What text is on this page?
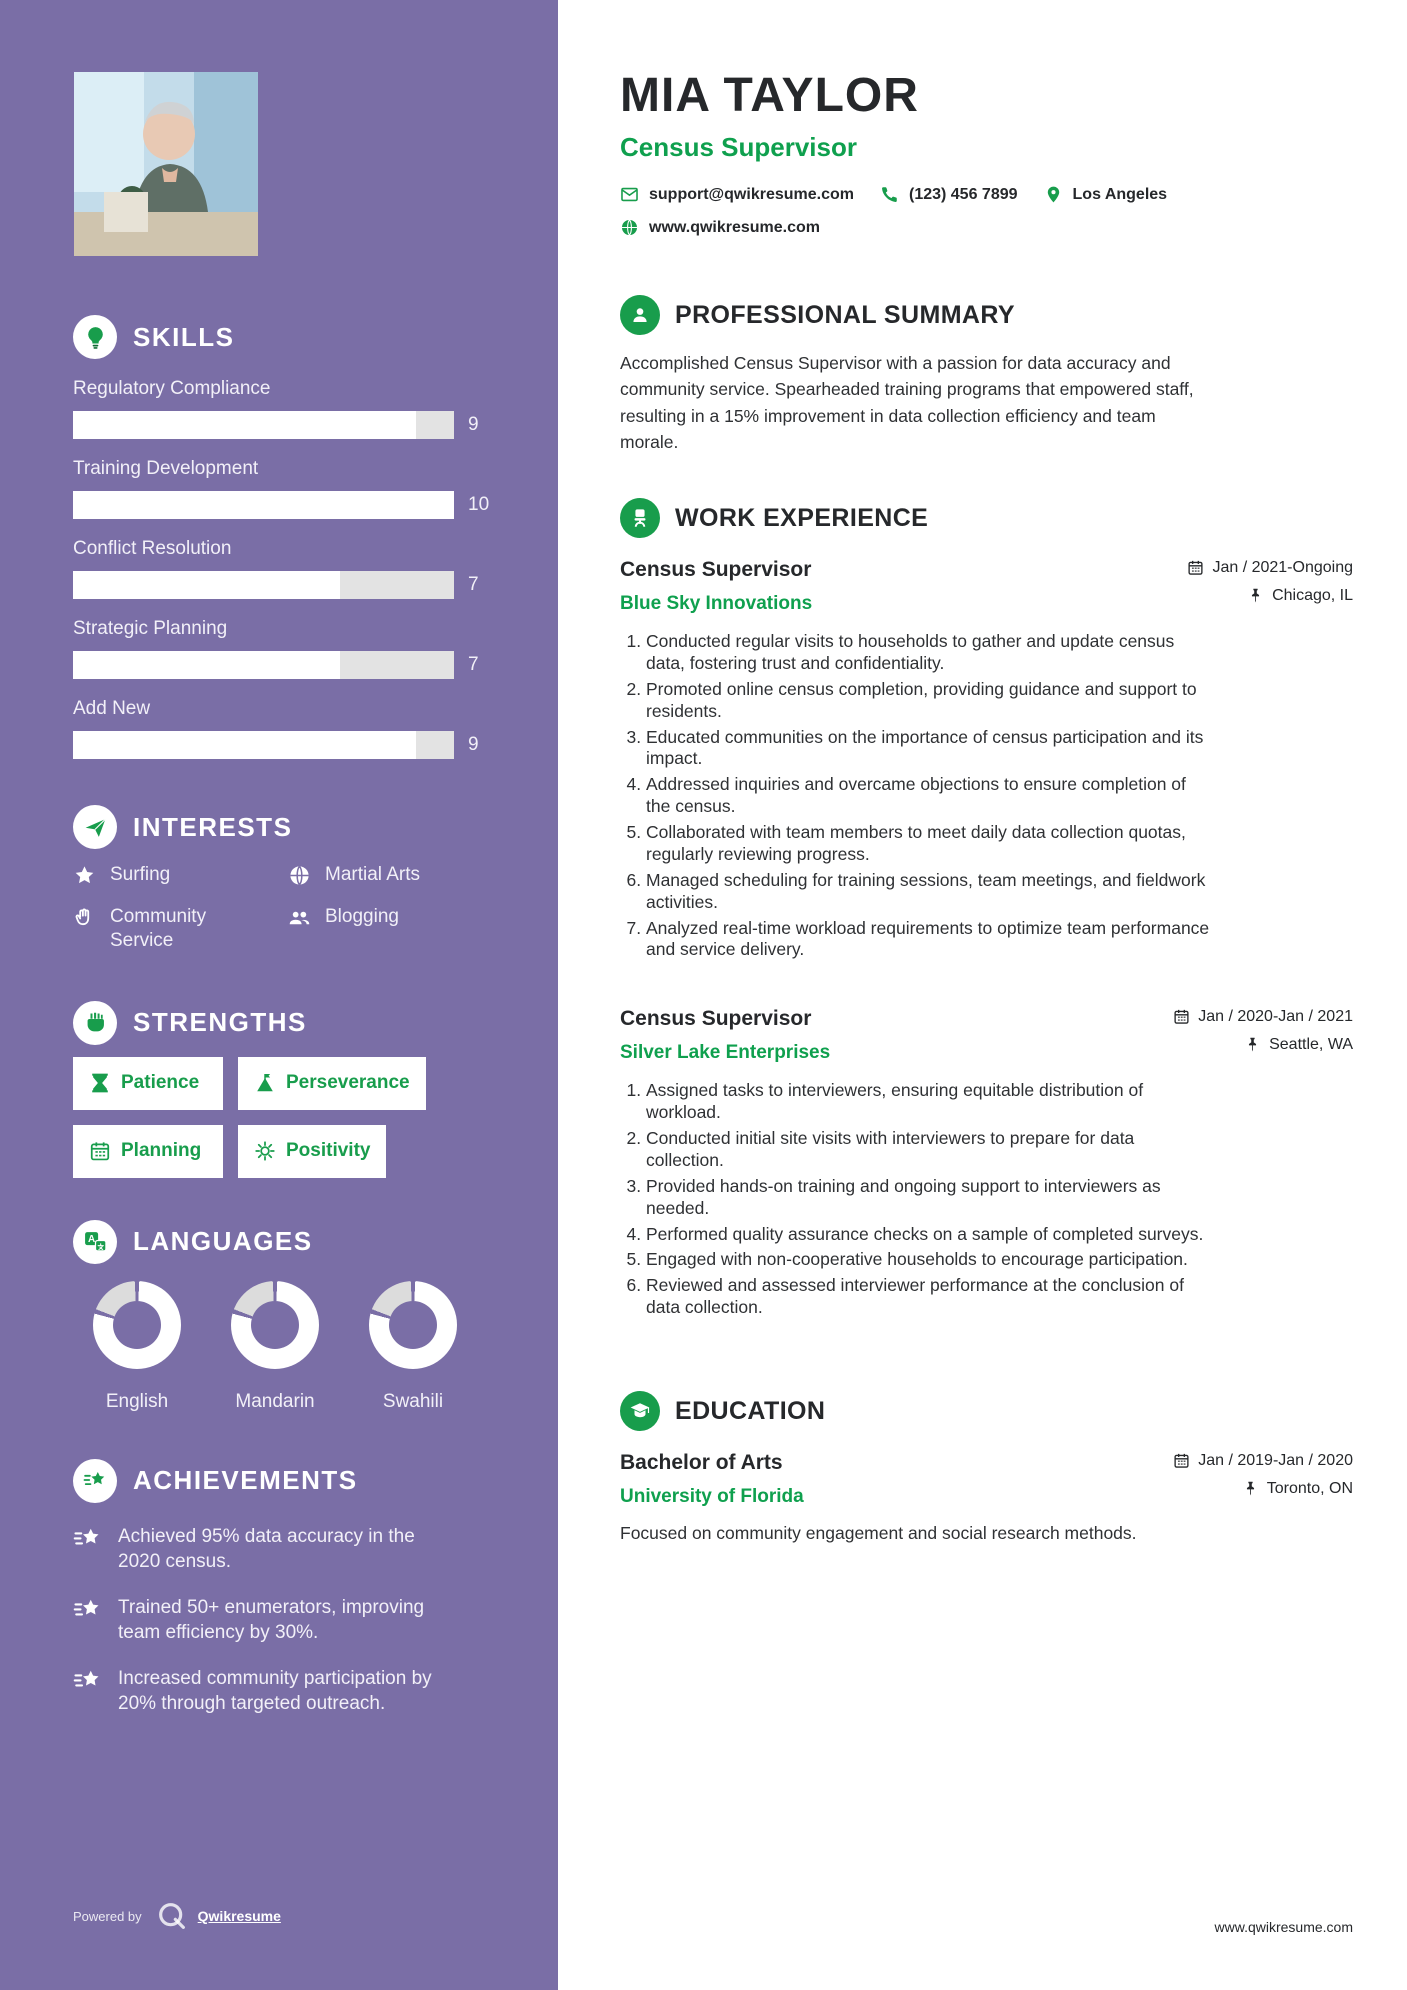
SKILLS
Regulatory Compliance
9
Training Development
10
Conflict Resolution
7
Strategic Planning
7
Add New
9
INTERESTS
Surfing	Martial Arts
Community Service
Blogging
STRENGTHS
Patience	Perseverance
Planning	Positivity
A LANGUAGES
English	Mandarin	Swahili
ACHIEVEMENTS
Achieved 95% data accuracy in the 2020 census.
Trained 50+ enumerators, improving team efficiency by 30%.
Increased community participation by 20% through targeted outreach.
Powered by	Qwikresume
MIA TAYLOR
Census Supervisor
support@qwikresume.com	(123) 456 7899	Los Angeles
www.qwikresume.com
PROFESSIONAL SUMMARY

Accomplished Census Supervisor with a passion for data accuracy and community service. Spearheaded training programs that empowered staff, resulting in a 15% improvement in data collection efficiency and team morale.

WORK EXPERIENCE
Census Supervisor
Blue Sky Innovations
Jan / 2021-Ongoing
Chicago, IL
1. Conducted regular visits to households to gather and update census data, fostering trust and confidentiality.
2. Promoted online census completion, providing guidance and support to residents.
3. Educated communities on the importance of census participation and its impact.
4. Addressed inquiries and overcame objections to ensure completion of the census.
5. Collaborated with team members to meet daily data collection quotas, regularly reviewing progress.
6. Managed scheduling for training sessions, team meetings, and fieldwork activities.
7. Analyzed real-time workload requirements to optimize team performance and service delivery.
Census Supervisor
Silver Lake Enterprises
Jan / 2020-Jan / 2021
Seattle, WA
1. Assigned tasks to interviewers, ensuring equitable distribution of workload.
2. Conducted initial site visits with interviewers to prepare for data collection.
3. Provided hands-on training and ongoing support to interviewers as needed.
4. Performed quality assurance checks on a sample of completed surveys.
5. Engaged with non-cooperative households to encourage participation.
6. Reviewed and assessed interviewer performance at the conclusion of data collection.
EDUCATION
Bachelor of Arts
University of Florida
Jan / 2019-Jan / 2020
Toronto, ON

Focused on community engagement and social research methods.

www.qwikresume.com
